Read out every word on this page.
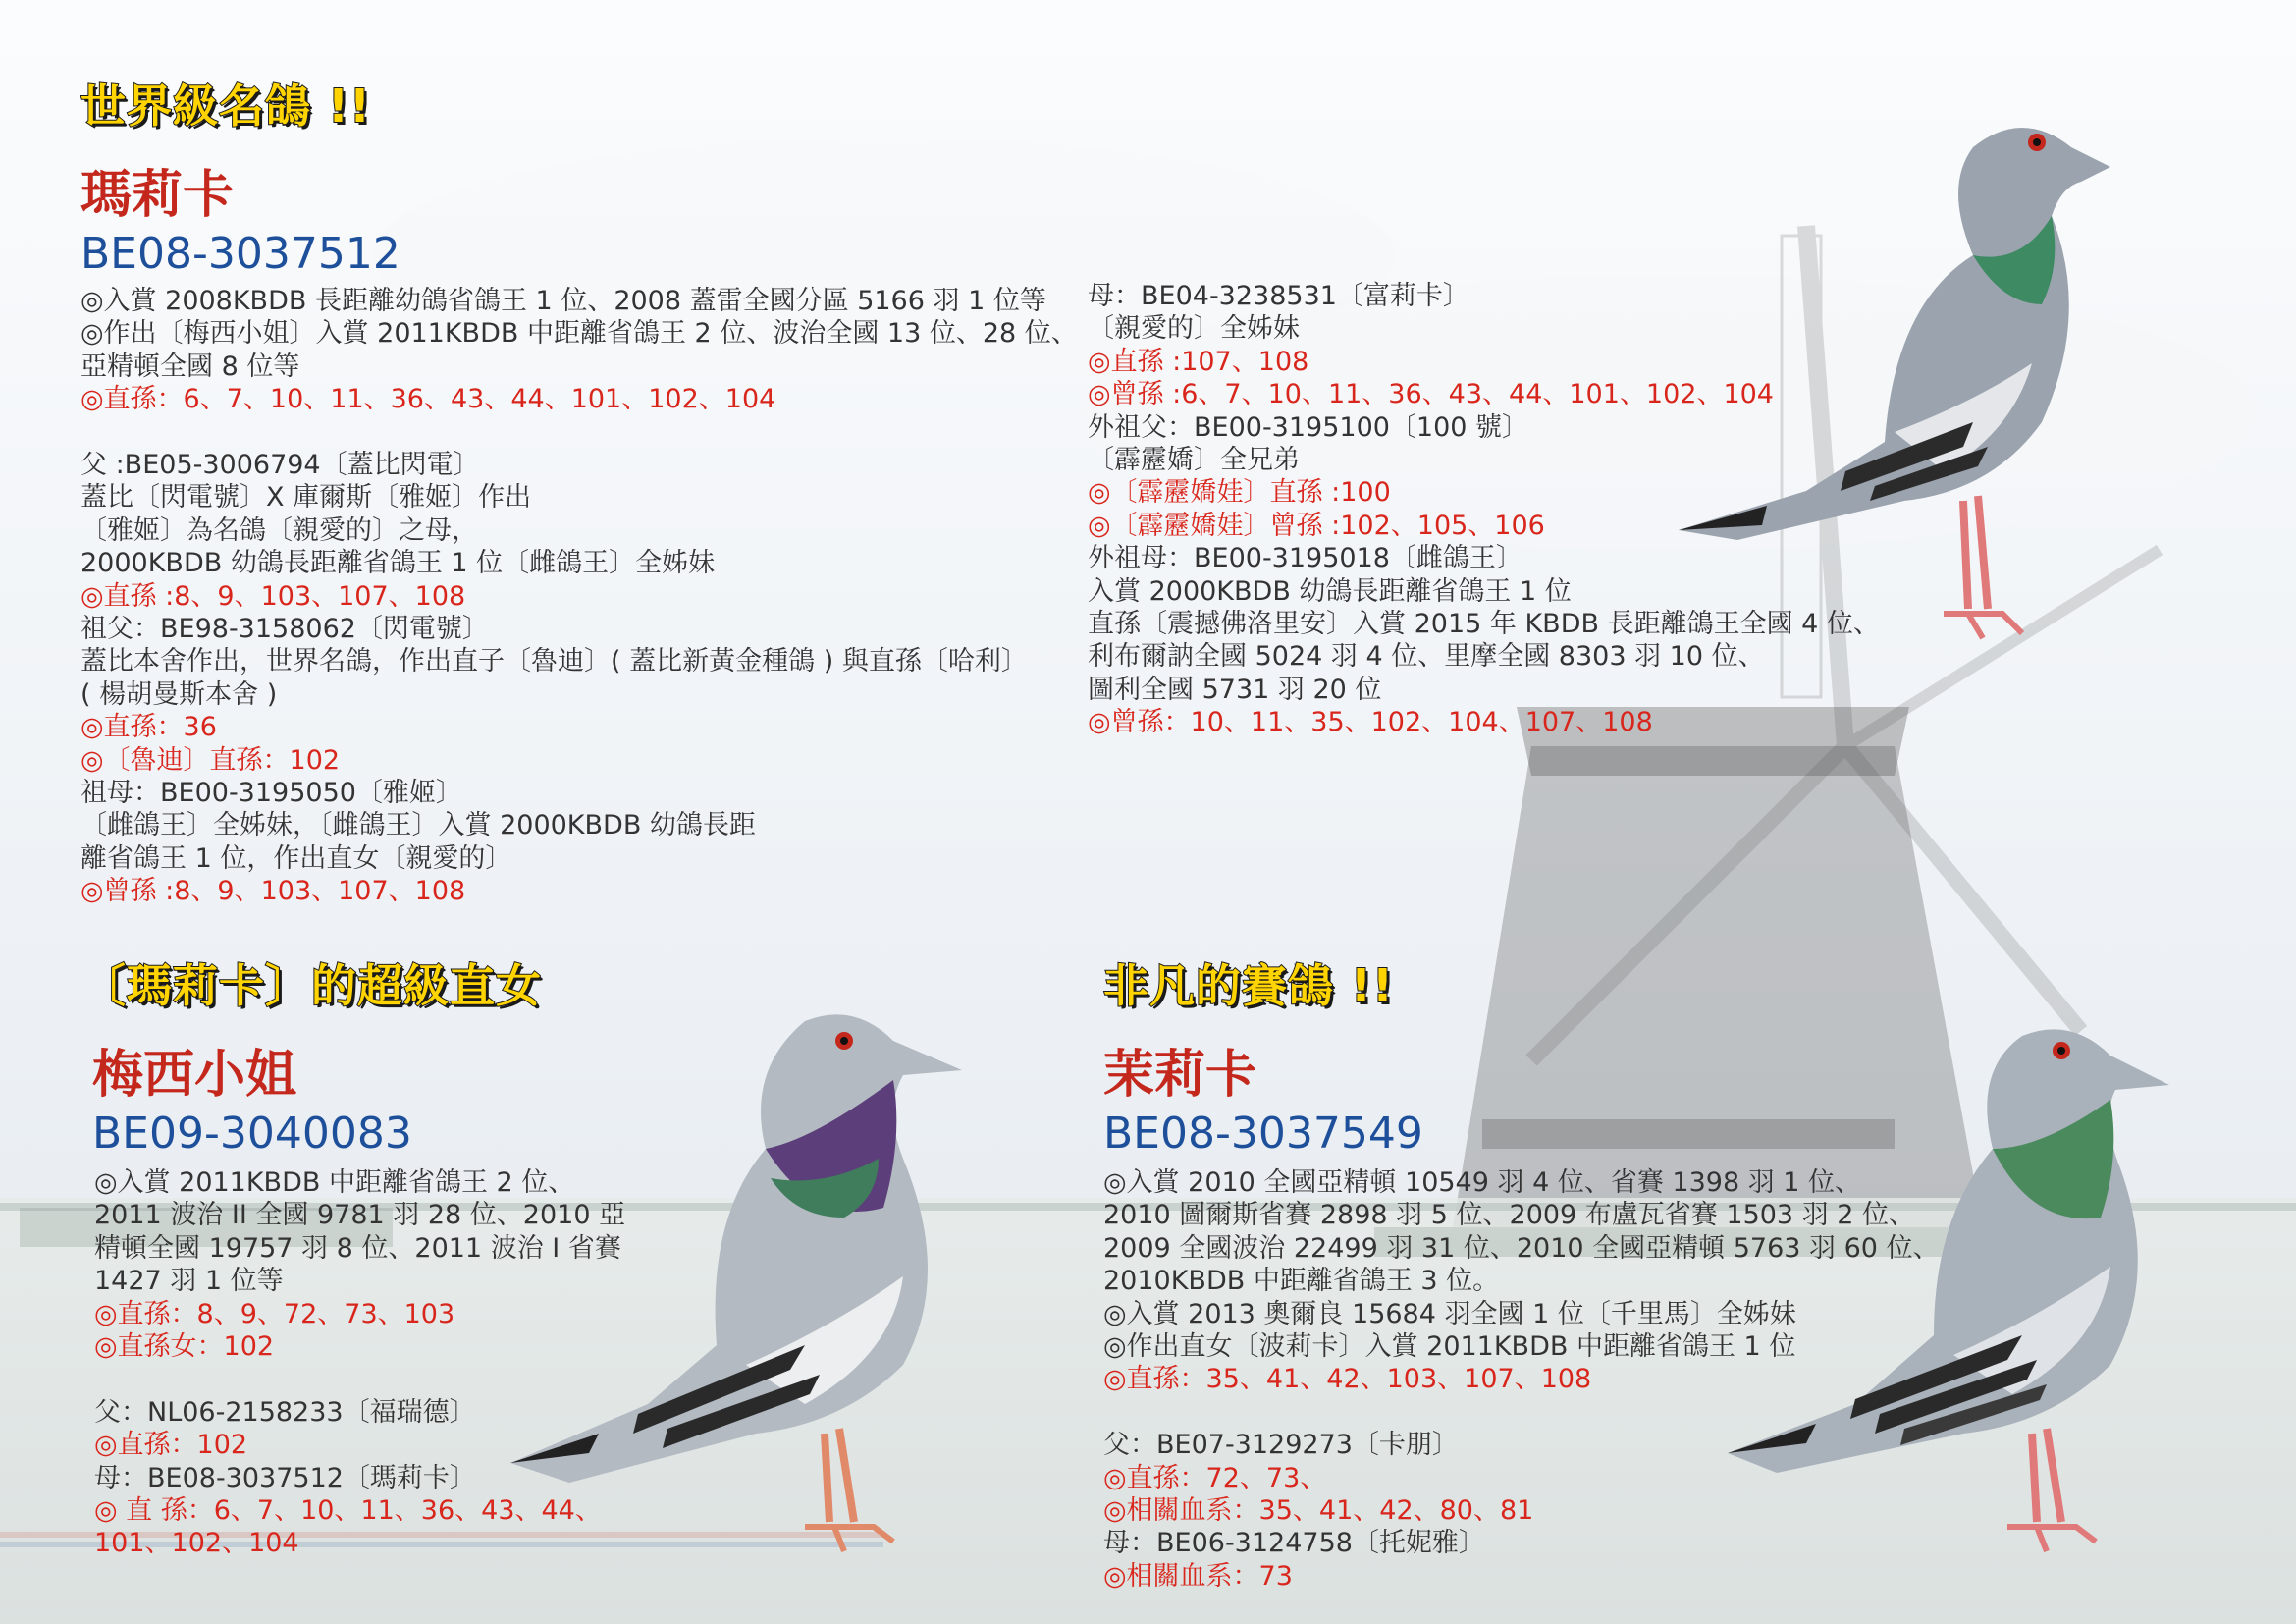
世界級名鴿 !!
瑪莉卡
BE08-3037512
◎入賞 2008KBDB 長距離幼鴿省鴿王 1 位、2008 蓋雷全國分區 5166 羽 1 位等
◎作出〔梅西小姐〕入賞 2011KBDB 中距離省鴿王 2 位、波治全國 13 位、28 位、
亞精頓全國 8 位等
◎直孫：6、7、10、11、36、43、44、101、102、104
父 :BE05-3006794〔蓋比閃電〕
蓋比〔閃電號〕X 庫爾斯〔雅姬〕作出
〔雅姬〕為名鴿〔親愛的〕之母，
2000KBDB 幼鴿長距離省鴿王 1 位〔雌鴿王〕全姊妹
◎直孫 :8、9、103、107、108
祖父：BE98-3158062〔閃電號〕
蓋比本舍作出，世界名鴿，作出直子〔魯迪〕( 蓋比新黃金種鴿 ) 與直孫〔哈利〕
( 楊胡曼斯本舍 )
◎直孫：36
◎〔魯迪〕直孫：102
祖母：BE00-3195050〔雅姬〕
〔雌鴿王〕全姊妹，〔雌鴿王〕入賞 2000KBDB 幼鴿長距
離省鴿王 1 位，作出直女〔親愛的〕
◎曾孫 :8、9、103、107、108
母：BE04-3238531〔富莉卡〕
〔親愛的〕全姊妹
◎直孫 :107、108
◎曾孫 :6、7、10、11、36、43、44、101、102、104
外祖父：BE00-3195100〔100 號〕
〔霹靂嬌〕全兄弟
◎〔霹靂嬌娃〕直孫 :100
◎〔霹靂嬌娃〕曾孫 :102、105、106
外祖母：BE00-3195018〔雌鴿王〕
入賞 2000KBDB 幼鴿長距離省鴿王 1 位
直孫〔震撼佛洛里安〕入賞 2015 年 KBDB 長距離鴿王全國 4 位、
利布爾訥全國 5024 羽 4 位、里摩全國 8303 羽 10 位、
圖利全國 5731 羽 20 位
◎曾孫：10、11、35、102、104、107、108
〔瑪莉卡〕的超級直女
梅西小姐
BE09-3040083
◎入賞 2011KBDB 中距離省鴿王 2 位、
2011 波治 II 全國 9781 羽 28 位、2010 亞
精頓全國 19757 羽 8 位、2011 波治 I 省賽
1427 羽 1 位等
◎直孫：8、9、72、73、103
◎直孫女：102
父：NL06-2158233〔福瑞德〕
◎直孫：102
母：BE08-3037512〔瑪莉卡〕
◎ 直 孫：6、7、10、11、36、43、44、
101、102、104
非凡的賽鴿 !!
茉莉卡
BE08-3037549
◎入賞 2010 全國亞精頓 10549 羽 4 位、省賽 1398 羽 1 位、
2010 圖爾斯省賽 2898 羽 5 位、2009 布盧瓦省賽 1503 羽 2 位、
2009 全國波治 22499 羽 31 位、2010 全國亞精頓 5763 羽 60 位、
2010KBDB 中距離省鴿王 3 位。
◎入賞 2013 奧爾良 15684 羽全國 1 位〔千里馬〕全姊妹
◎作出直女〔波莉卡〕入賞 2011KBDB 中距離省鴿王 1 位
◎直孫：35、41、42、103、107、108
父：BE07-3129273〔卡朋〕
◎直孫：72、73、
◎相關血系：35、41、42、80、81
母：BE06-3124758〔托妮雅〕
◎相關血系：73
